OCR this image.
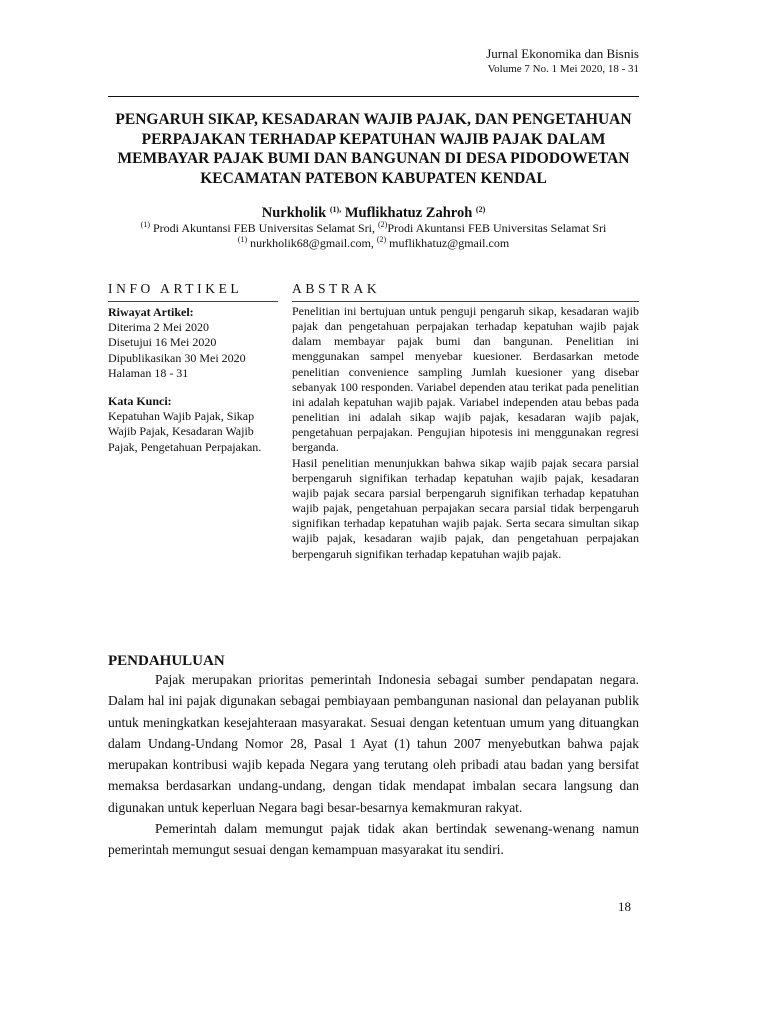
Jurnal Ekonomika dan Bisnis
Volume 7 No. 1 Mei 2020, 18 - 31
PENGARUH SIKAP, KESADARAN WAJIB PAJAK, DAN PENGETAHUAN PERPAJAKAN TERHADAP KEPATUHAN WAJIB PAJAK DALAM MEMBAYAR PAJAK BUMI DAN BANGUNAN DI DESA PIDODOWETAN KECAMATAN PATEBON KABUPATEN KENDAL
Nurkholik $^{(1),}$ Muflikhatuz Zahroh $^{(2)}$
$^{(1)}$ Prodi Akuntansi FEB Universitas Selamat Sri, $^{(2)}$Prodi Akuntansi FEB Universitas Selamat Sri
$^{(1)}$ nurkholik68@gmail.com, $^{(2)}$ muflikhatuz@gmail.com
INFO ARTIKEL	ABSTRAK
Riwayat Artikel:
Diterima 2 Mei 2020
Disetujui 16 Mei 2020
Dipublikasikan 30 Mei 2020
Halaman 18 - 31
Kata Kunci:
Kepatuhan Wajib Pajak, Sikap Wajib Pajak, Kesadaran Wajib Pajak, Pengetahuan Perpajakan.

Penelitian ini bertujuan untuk penguji pengaruh sikap, kesadaran wajib pajak dan pengetahuan perpajakan terhadap kepatuhan wajib pajak dalam membayar pajak bumi dan bangunan. Penelitian ini menggunakan sampel menyebar kuesioner. Berdasarkan metode penelitian convenience sampling Jumlah kuesioner yang disebar sebanyak 100 responden. Variabel dependen atau terikat pada penelitian ini adalah kepatuhan wajib pajak. Variabel independen atau bebas pada penelitian ini adalah sikap wajib pajak, kesadaran wajib pajak, pengetahuan perpajakan. Pengujian hipotesis ini menggunakan regresi berganda.

Hasil penelitian menunjukkan bahwa sikap wajib pajak secara parsial berpengaruh signifikan terhadap kepatuhan wajib pajak, kesadaran wajib pajak secara parsial berpengaruh signifikan terhadap kepatuhan wajib pajak, pengetahuan perpajakan secara parsial tidak berpengaruh signifikan terhadap kepatuhan wajib pajak. Serta secara simultan sikap wajib pajak, kesadaran wajib pajak, dan pengetahuan perpajakan berpengaruh signifikan terhadap kepatuhan wajib pajak.

PENDAHULUAN

Pajak merupakan prioritas pemerintah Indonesia sebagai sumber pendapatan negara. Dalam hal ini pajak digunakan sebagai pembiayaan pembangunan nasional dan pelayanan publik untuk meningkatkan kesejahteraan masyarakat. Sesuai dengan ketentuan umum yang dituangkan dalam Undang-Undang Nomor 28, Pasal 1 Ayat (1) tahun 2007 menyebutkan bahwa pajak merupakan kontribusi wajib kepada Negara yang terutang oleh pribadi atau badan yang bersifat memaksa berdasarkan undang-undang, dengan tidak mendapat imbalan secara langsung dan digunakan untuk keperluan Negara bagi besar-besarnya kemakmuran rakyat.

Pemerintah dalam memungut pajak tidak akan bertindak sewenang-wenang namun pemerintah memungut sesuai dengan kemampuan masyarakat itu sendiri.

18
